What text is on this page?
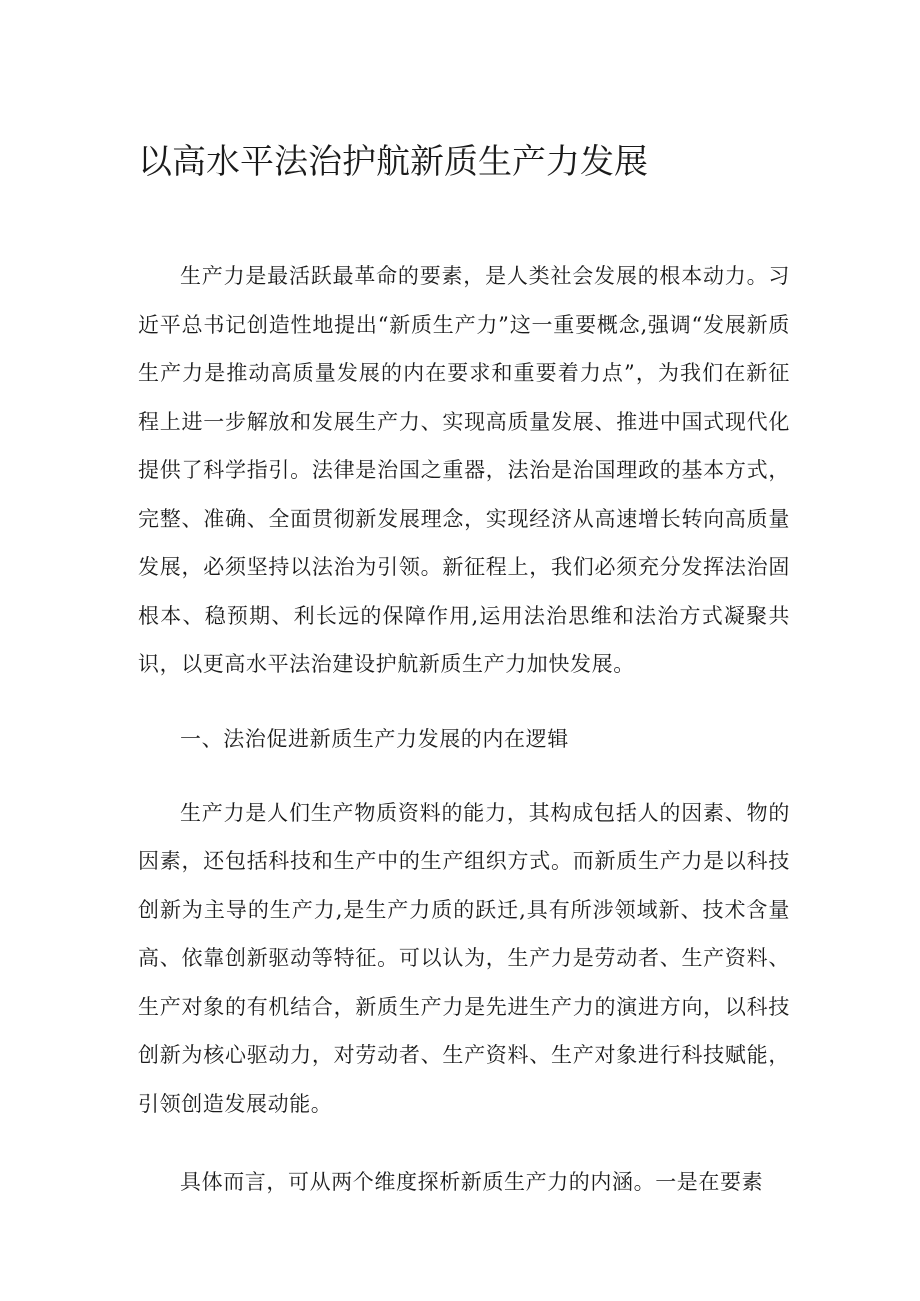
以高水平法治护航新质生产力发展

生产力是最活跃最革命的要素，是人类社会发展的根本动力。习近平总书记创造性地提出“新质生产力”这一重要概念,强调“发展新质生产力是推动高质量发展的内在要求和重要着力点”，为我们在新征程上进一步解放和发展生产力、实现高质量发展、推进中国式现代化提供了科学指引。法律是治国之重器，法治是治国理政的基本方式，完整、准确、全面贯彻新发展理念，实现经济从高速增长转向高质量发展，必须坚持以法治为引领。新征程上，我们必须充分发挥法治固根本、稳预期、利长远的保障作用,运用法治思维和法治方式凝聚共识，以更高水平法治建设护航新质生产力加快发展。

一、法治促进新质生产力发展的内在逻辑

生产力是人们生产物质资料的能力，其构成包括人的因素、物的因素，还包括科技和生产中的生产组织方式。而新质生产力是以科技创新为主导的生产力,是生产力质的跃迁,具有所涉领域新、技术含量高、依靠创新驱动等特征。可以认为，生产力是劳动者、生产资料、生产对象的有机结合，新质生产力是先进生产力的演进方向，以科技创新为核心驱动力，对劳动者、生产资料、生产对象进行科技赋能，引领创造发展动能。

具体而言，可从两个维度探析新质生产力的内涵。一是在要素
